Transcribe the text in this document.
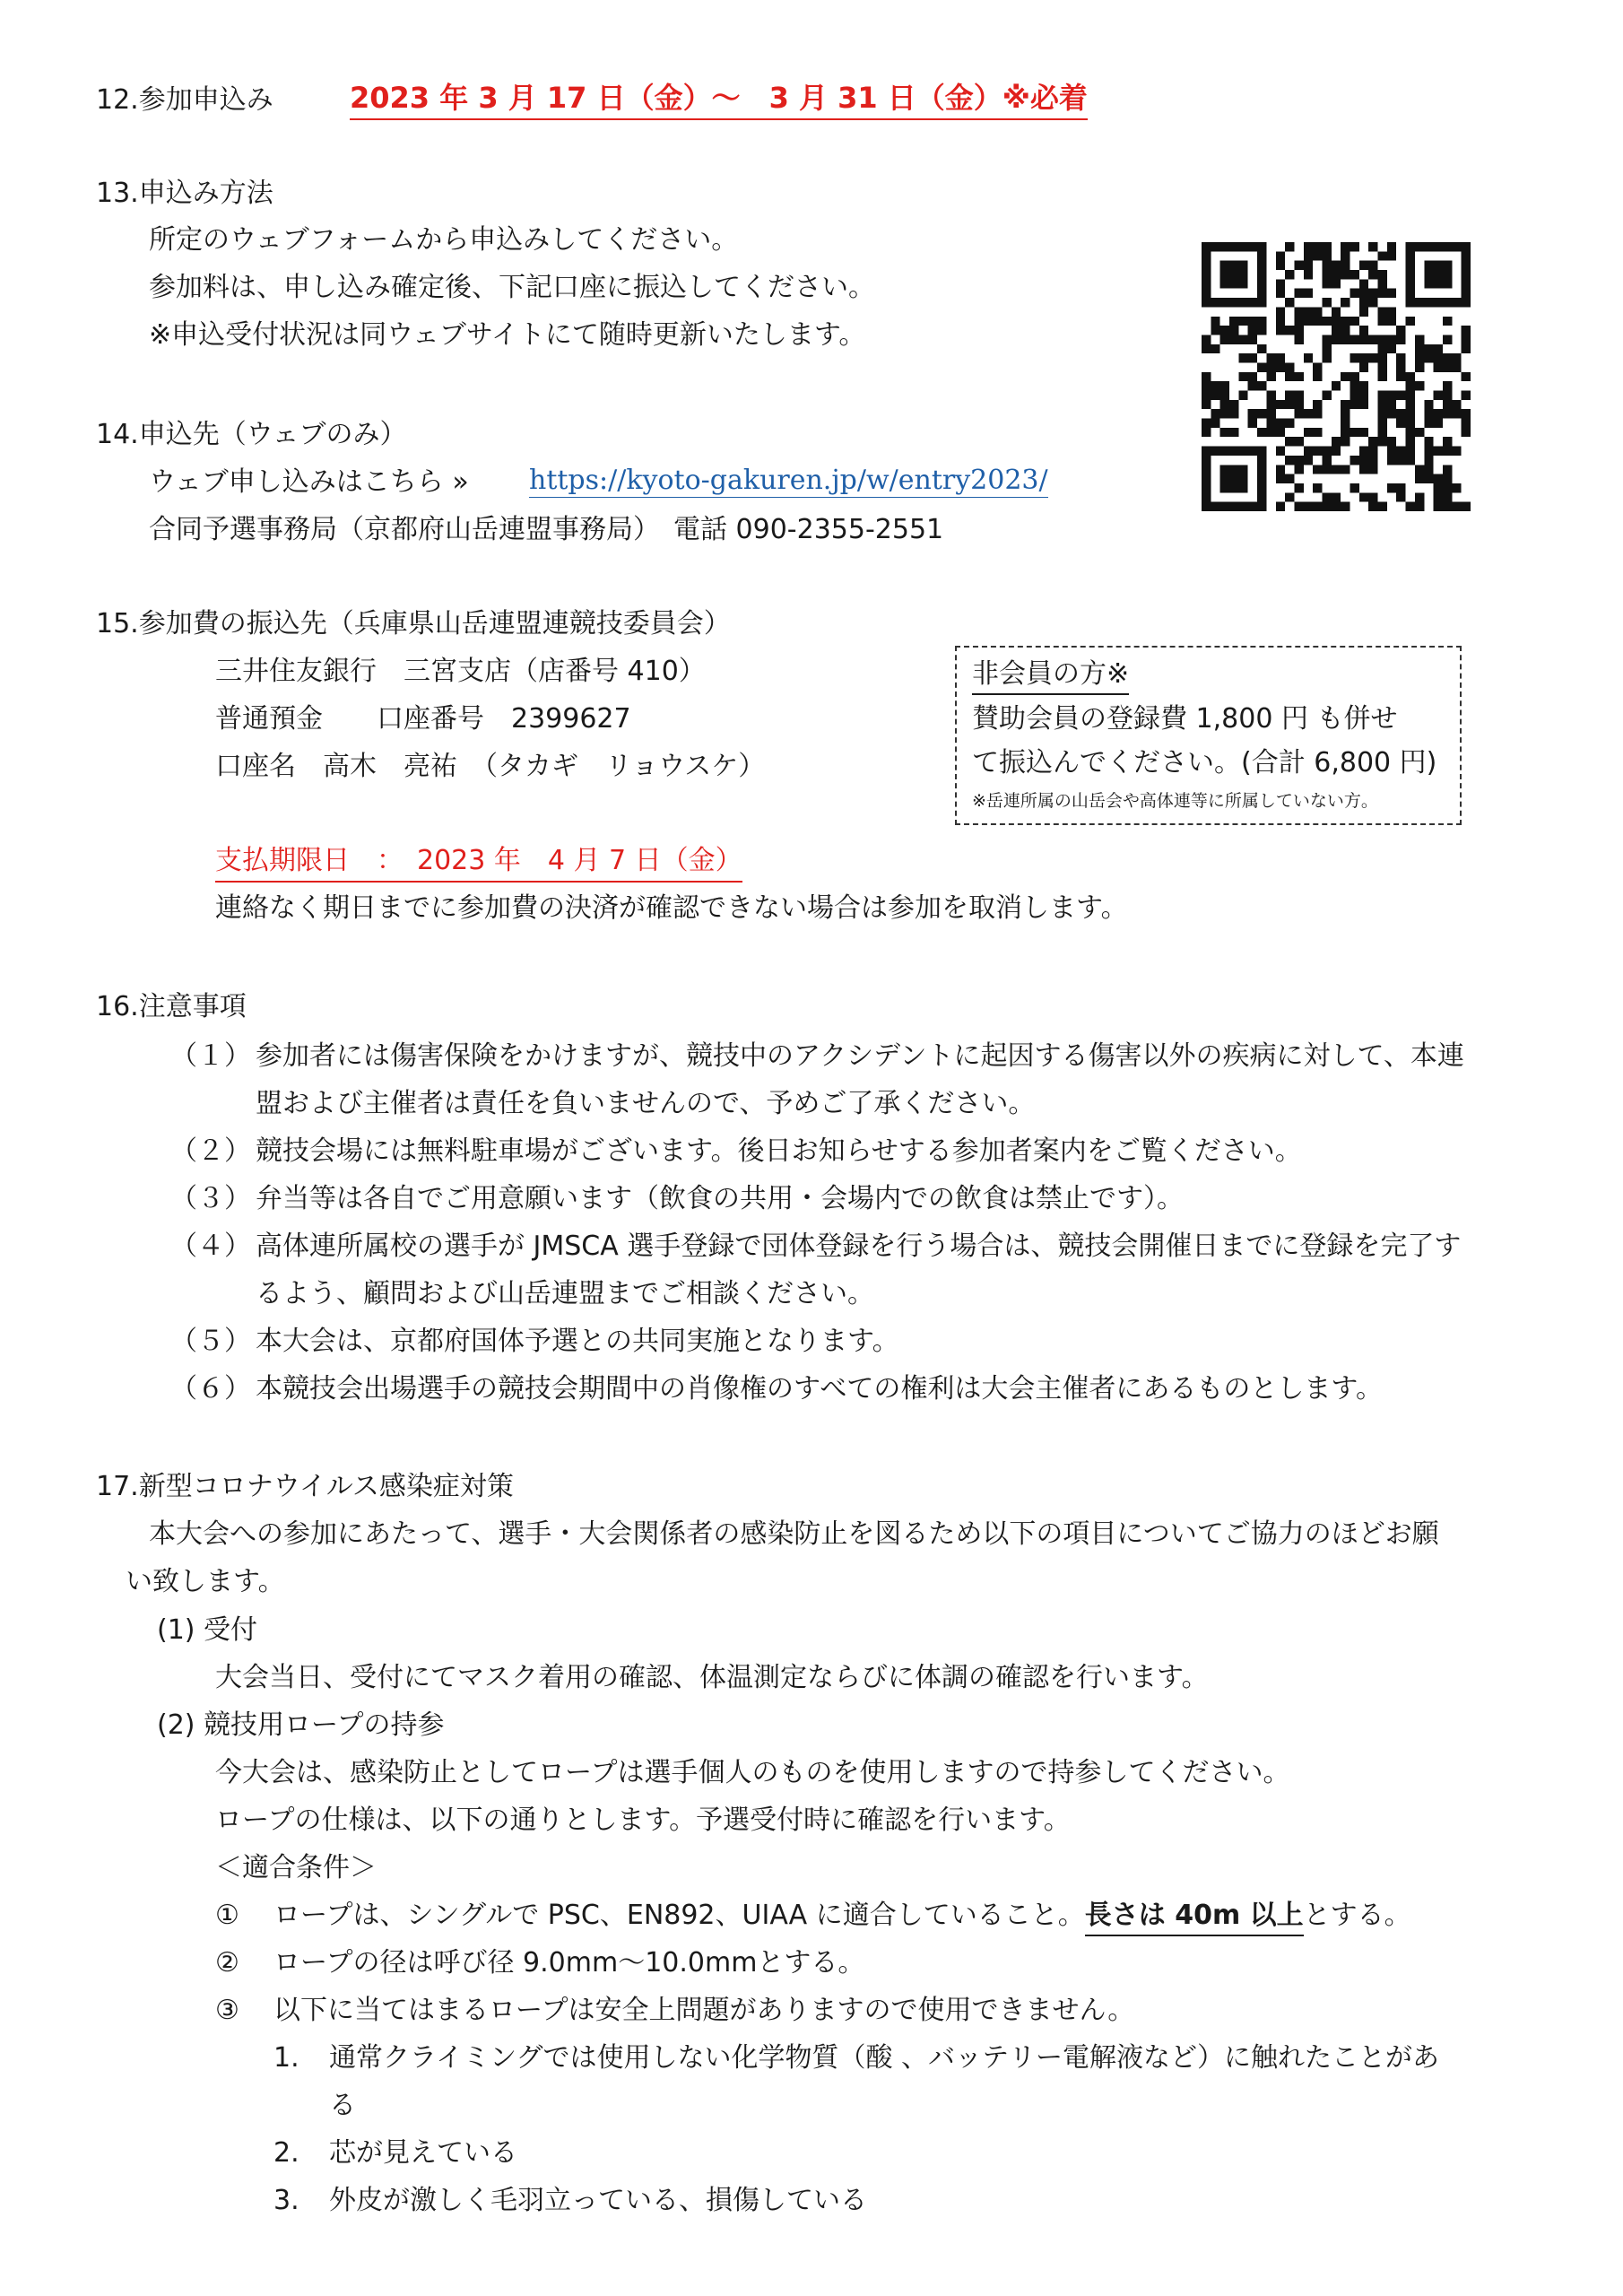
12.参加申込み	2023 年 3 月 17 日（金）～　3 月 31 日（金）※必着
13.申込み方法
所定のウェブフォームから申込みしてください。
参加料は、申し込み確定後、下記口座に振込してください。
※申込受付状況は同ウェブサイトにて随時更新いたします。
14.申込先（ウェブのみ）
ウェブ申し込みはこちら » https://kyoto-gakuren.jp/w/entry2023/
合同予選事務局（京都府山岳連盟事務局）　電話 090-2355-2551
15.参加費の振込先（兵庫県山岳連盟連競技委員会）
三井住友銀行　三宮支店（店番号 410）
普通預金　　口座番号　2399627
口座名　高木　亮祐　（タカギ　リョウスケ）
非会員の方※
賛助会員の登録費 1,800 円 も併せ
て振込んでください。(合計 6,800 円)
※岳連所属の山岳会や高体連等に所属していない方。
支払期限日　：　2023 年　4 月 7 日（金）
連絡なく期日までに参加費の決済が確認できない場合は参加を取消します。
16.注意事項
（１） 参加者には傷害保険をかけますが、競技中のアクシデントに起因する傷害以外の疾病に対して、本連
盟および主催者は責任を負いませんので、予めご了承ください。
（２） 競技会場には無料駐車場がございます。後日お知らせする参加者案内をご覧ください。
（３） 弁当等は各自でご用意願います（飲食の共用・会場内での飲食は禁止です）。
（４） 高体連所属校の選手が JMSCA 選手登録で団体登録を行う場合は、競技会開催日までに登録を完了す
るよう、顧問および山岳連盟までご相談ください。
（５） 本大会は、京都府国体予選との共同実施となります。
（６） 本競技会出場選手の競技会期間中の肖像権のすべての権利は大会主催者にあるものとします。
17.新型コロナウイルス感染症対策
本大会への参加にあたって、選手・大会関係者の感染防止を図るため以下の項目についてご協力のほどお願
い致します。
(1) 受付
大会当日、受付にてマスク着用の確認、体温測定ならびに体調の確認を行います。
(2) 競技用ロープの持参
今大会は、感染防止としてロープは選手個人のものを使用しますので持参してください。
ロープの仕様は、以下の通りとします。予選受付時に確認を行います。
＜適合条件＞
① ロープは、シングルで PSC、EN892、UIAA に適合していること。長さは 40m 以上とする。
② ロープの径は呼び径 9.0mm～10.0mmとする。
③ 以下に当てはまるロープは安全上問題がありますので使用できません。
1. 通常クライミングでは使用しない化学物質（酸 、バッテリー電解液など）に触れたことがあ
る
2. 芯が見えている
3. 外皮が激しく毛羽立っている、損傷している
